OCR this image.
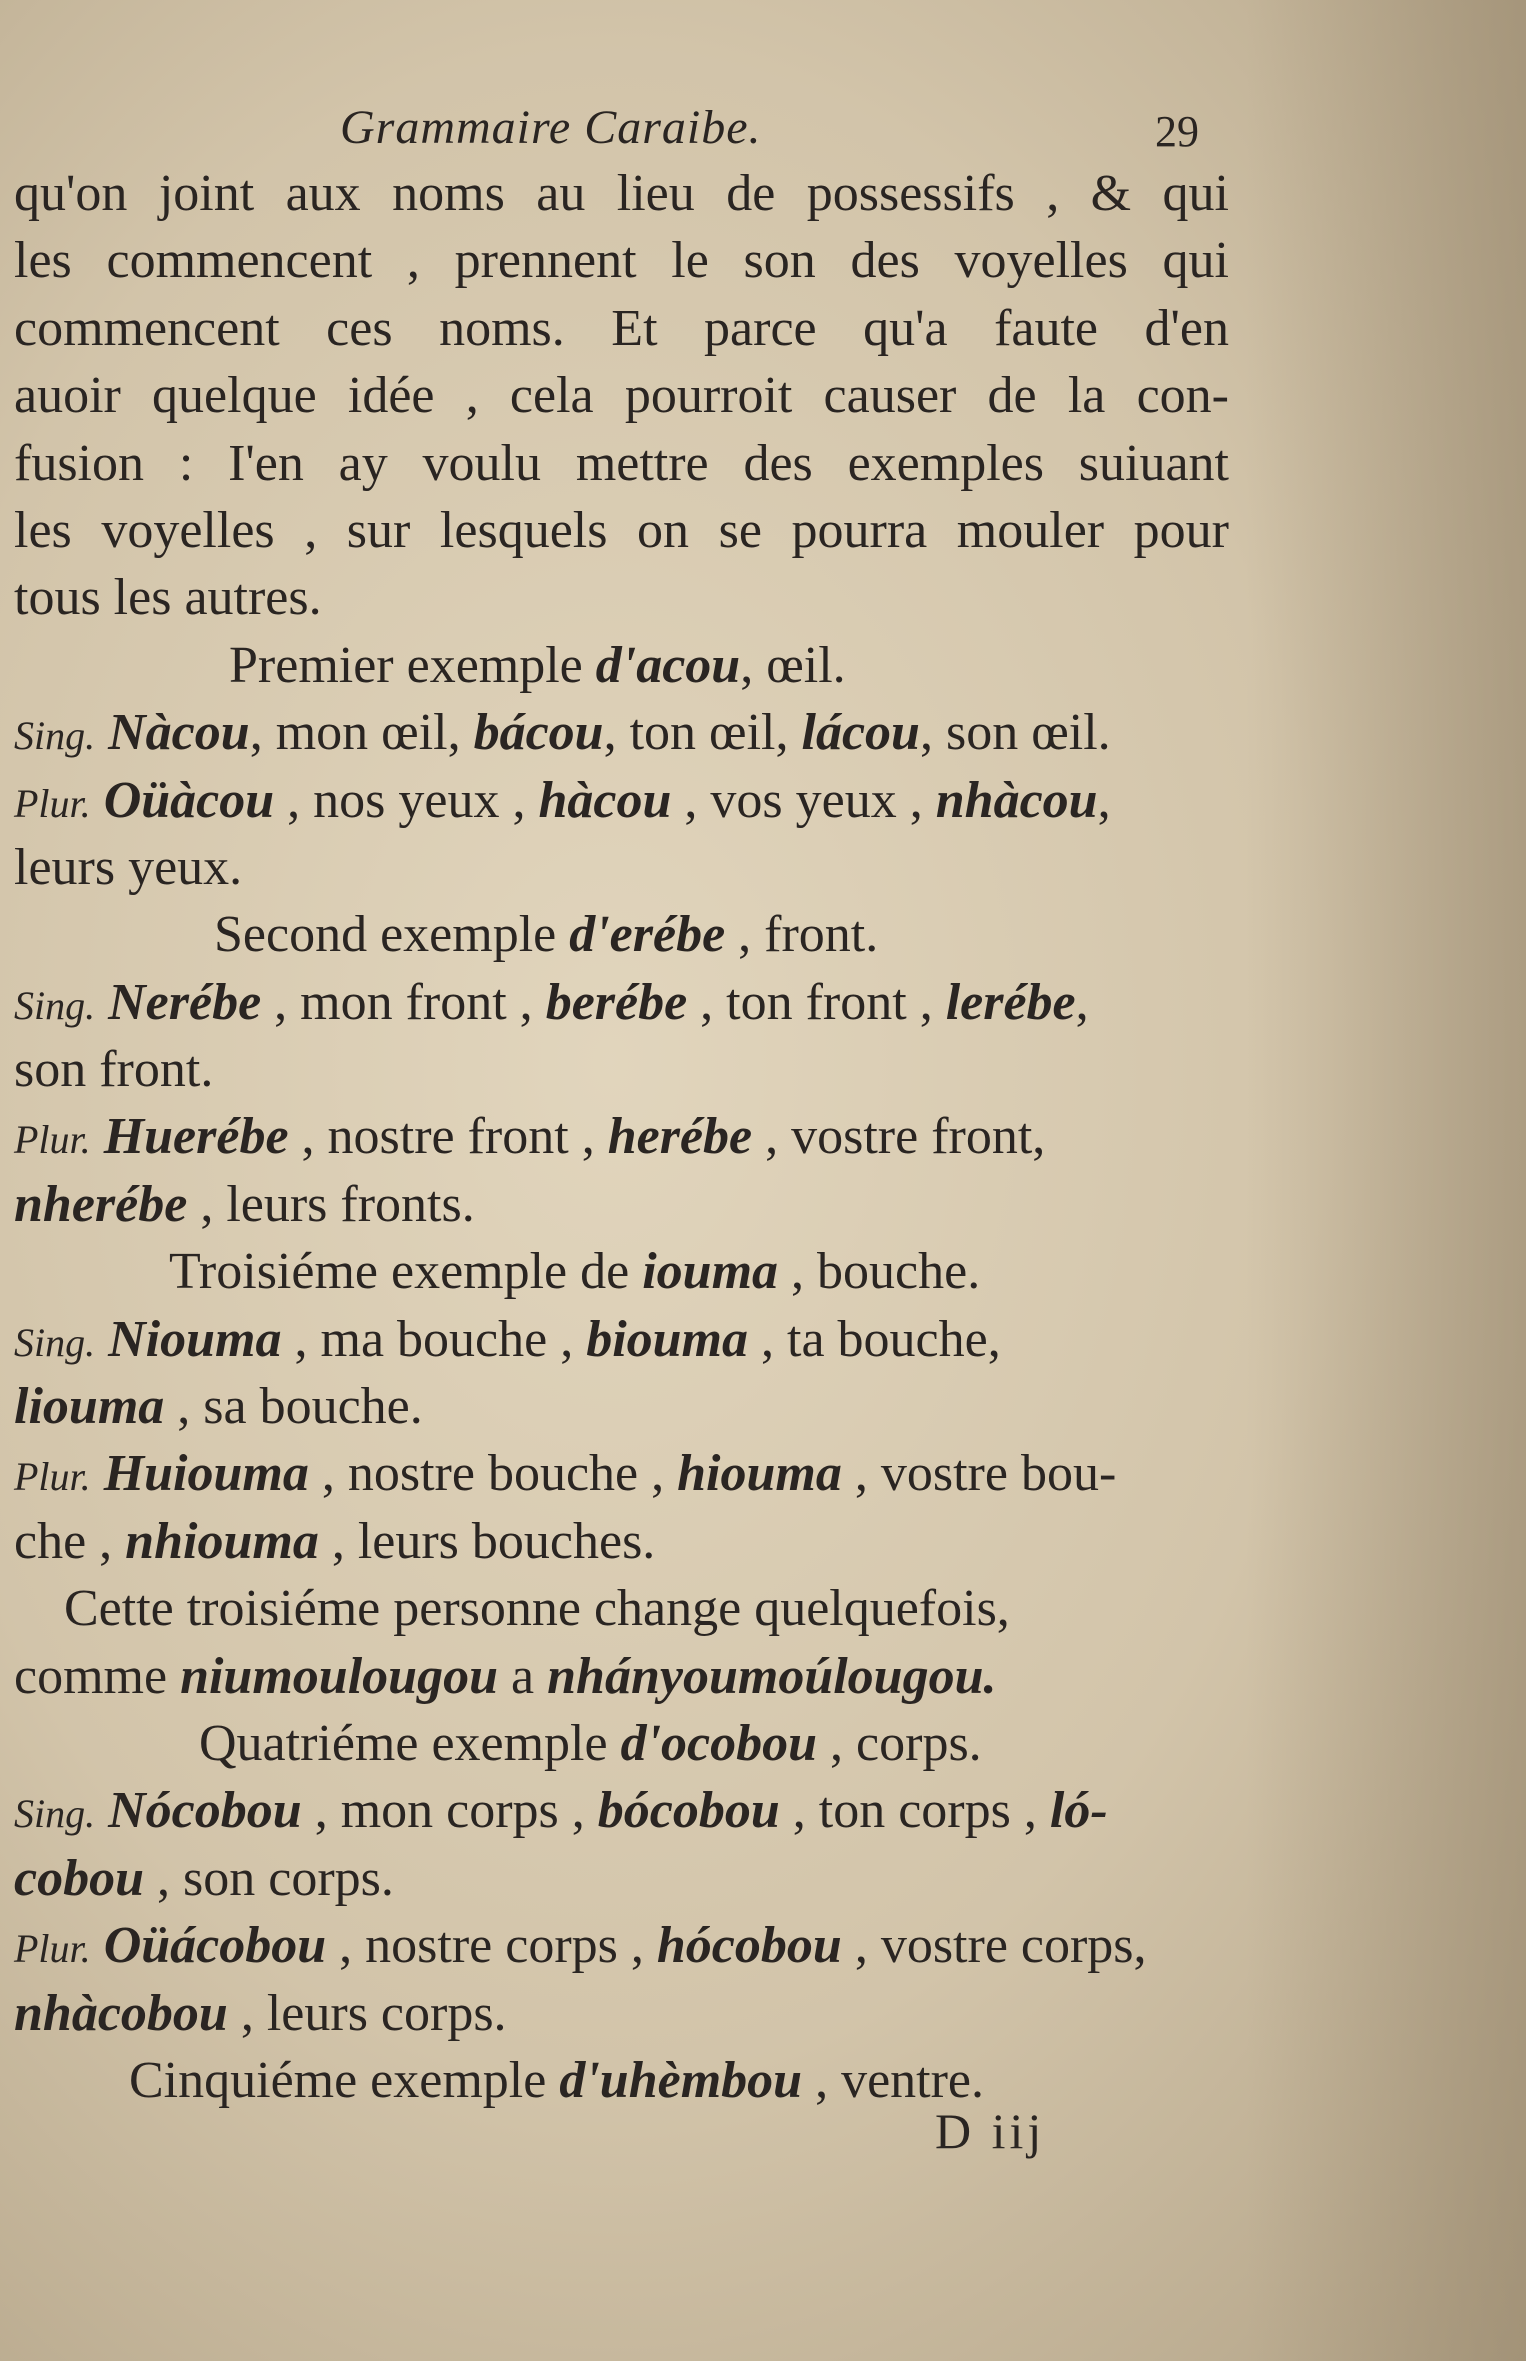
Grammaire Caraibe.	29
qu'on joint aux noms au lieu de possessifs , & qui
les commencent , prennent le son des voyelles qui
commencent ces noms. Et parce qu'a faute d'en
auoir quelque idée , cela pourroit causer de la con-
fusion : I'en ay voulu mettre des exemples suiuant
les voyelles , sur lesquels on se pourra mouler pour
tous les autres.
Premier exemple d'acou, œil.
Sing. Nàcou, mon œil, bácou, ton œil, lácou, son œil.
Plur. Oüàcou , nos yeux , hàcou , vos yeux , nhàcou,
leurs yeux.
Second exemple d'erébe , front.
Sing. Nerébe , mon front , berébe , ton front , lerébe,
son front.
Plur. Huerébe , nostre front , herébe , vostre front,
nherébe , leurs fronts.
Troisiéme exemple de iouma , bouche.
Sing. Niouma , ma bouche , biouma , ta bouche,
liouma , sa bouche.
Plur. Huiouma , nostre bouche , hiouma , vostre bou-
che , nhiouma , leurs bouches.
Cette troisiéme personne change quelquefois,
comme niumoulougou a nhányoumoúlougou.
Quatriéme exemple d'ocobou , corps.
Sing. Nócobou , mon corps , bócobou , ton corps , ló-
cobou , son corps.
Plur. Oüácobou , nostre corps , hócobou , vostre corps,
nhàcobou , leurs corps.
Cinquiéme exemple d'uhèmbou , ventre.
D iij
